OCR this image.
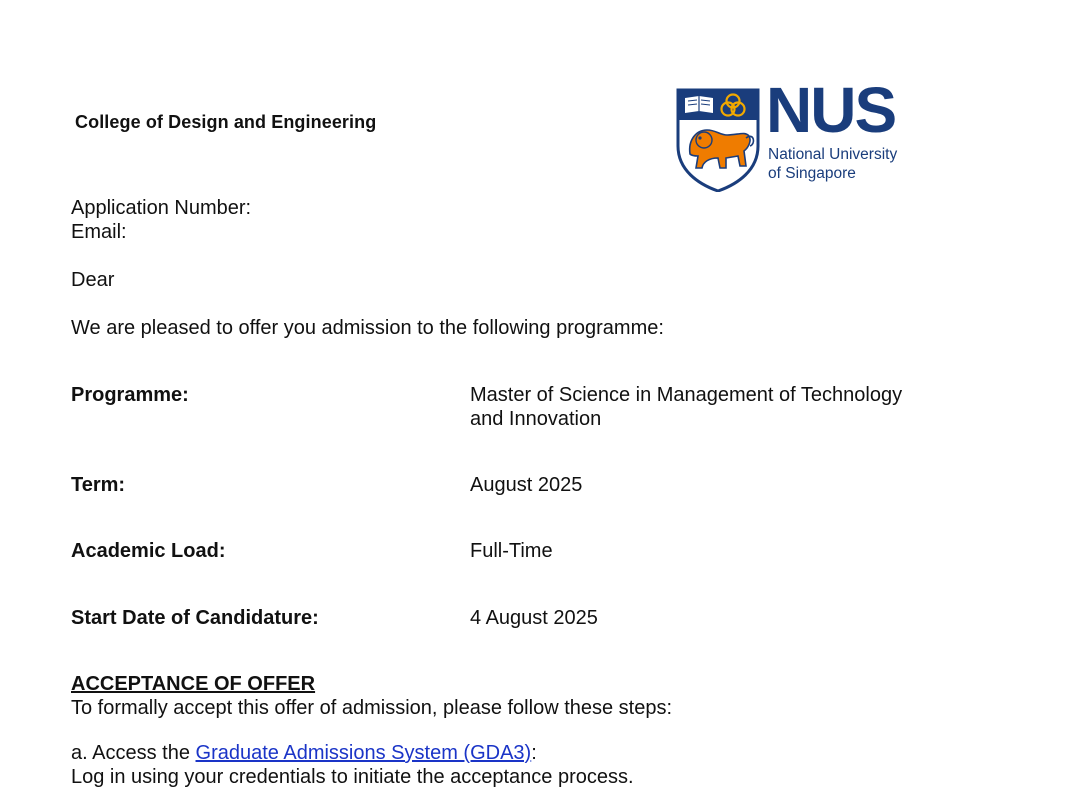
College of Design and Engineering	NUS
National University
of Singapore
Application Number:
Email:
Dear
We are pleased to offer you admission to the following programme:
Programme:	Master of Science in Management of Technology
and Innovation
Term:	August 2025
Academic Load:	Full-Time
Start Date of Candidature:	4 August 2025
ACCEPTANCE OF OFFER
To formally accept this offer of admission, please follow these steps:
a. Access the Graduate Admissions System (GDA3):
Log in using your credentials to initiate the acceptance process.
